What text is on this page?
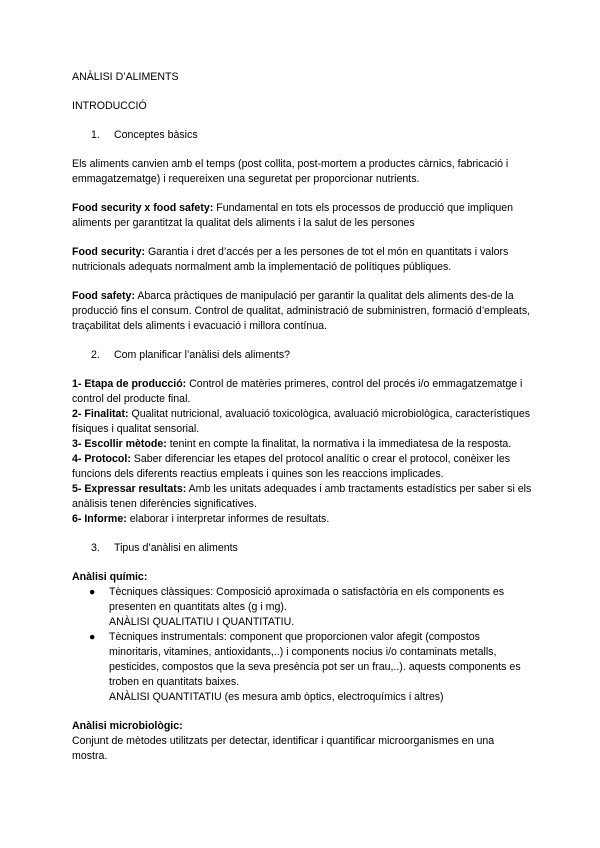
ANÀLISI D’ALIMENTS

INTRODUCCIÓ

1. Conceptes bàsics

Els aliments canvien amb el temps (post collita, post-mortem a productes càrnics, fabricació i emmagatzematge) i requereixen una seguretat per proporcionar nutrients.

Food security x food safety: Fundamental en tots els processos de producció que impliquen aliments per garantitzat la qualitat dels aliments i la salut de les persones

Food security: Garantia i dret d’accés per a les persones de tot el món en quantitats i valors nutricionals adequats normalment amb la implementació de polítiques públiques.

Food safety: Abarca pràctiques de manipulació per garantir la qualitat dels aliments des-de la producció fins el consum. Control de qualitat, administració de subministren, formació d’empleats, traçabilitat dels aliments i evacuació i millora contínua.

2. Com planificar l’anàlisi dels aliments?

1- Etapa de producció: Control de matèries primeres, control del procés i/o emmagatzematge i control del producte final.

2- Finalitat: Qualitat nutricional, avaluació toxicològica, avaluació microbiològica, característiques físiques i qualitat sensorial.

3- Escollir mètode: tenint en compte la finalitat, la normativa i la immediatesa de la resposta.

4- Protocol: Saber diferenciar les etapes del protocol analític o crear el protocol, conèixer les funcions dels diferents reactius empleats i quines son les reaccions implicades.

5- Expressar resultats: Amb les unitats adequades i amb tractaments estadístics per saber si els anàlisis tenen diferències significatives.

6- Informe: elaborar i interpretar informes de resultats.

3. Tipus d’anàlisi en aliments

Anàlisi químic:

● Tècniques clàssiques: Composició aproximada o satisfactòria en els components es presenten en quantitats altes (g i mg).
ANÀLISI QUALITATIU I QUANTITATIU.
● Tècniques instrumentals: component que proporcionen valor afegit (compostos minoritaris, vitamines, antioxidants,..) i components nocius i/o contaminats metalls, pesticides, compostos que la seva presència pot ser un frau,..). aquests components es troben en quantitats baixes.
ANÀLISI QUANTITATIU (es mesura amb òptics, electroquímics i altres)

Anàlisi microbiològic:

Conjunt de mètodes utilitzats per detectar, identificar i quantificar microorganismes en una mostra.
